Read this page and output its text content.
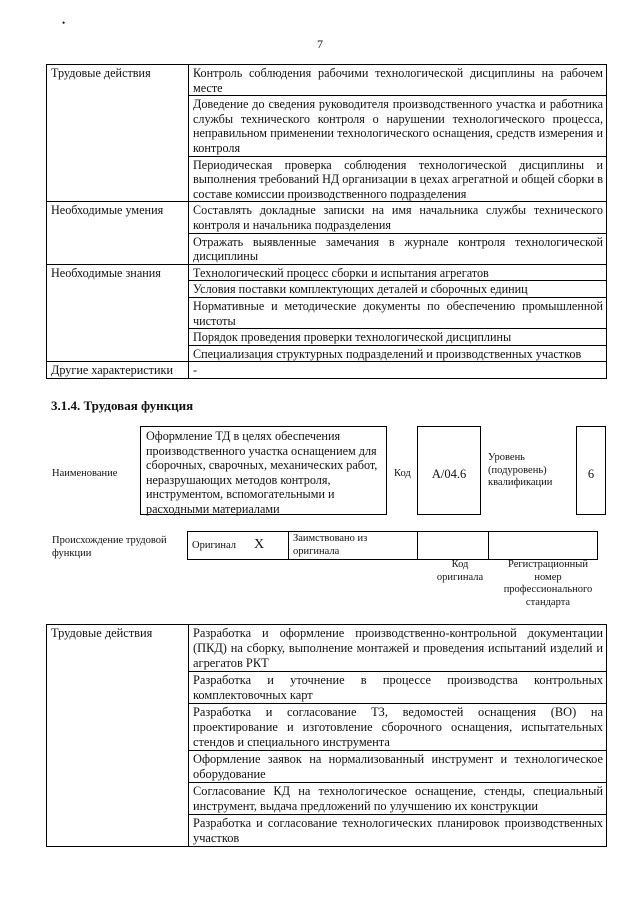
•
7
Трудовые действия	Контроль соблюдения рабочими технологической дисциплины на рабочем месте
	Доведение до сведения руководителя производственного участка и работника службы технического контроля о нарушении технологического процесса, неправильном применении технологического оснащения, средств измерения и контроля
	Периодическая проверка соблюдения технологической дисциплины и выполнения требований НД организации в цехах агрегатной и общей сборки в составе комиссии производственного подразделения
Необходимые умения	Составлять докладные записки на имя начальника службы технического контроля и начальника подразделения
	Отражать выявленные замечания в журнале контроля технологической дисциплины
Необходимые знания	Технологический процесс сборки и испытания агрегатов
	Условия поставки комплектующих деталей и сборочных единиц
	Нормативные и методические документы по обеспечению промышленной чистоты
	Порядок проведения проверки технологической дисциплины
	Специализация структурных подразделений и производственных участков
Другие характеристики	-
3.1.4. Трудовая функция
Наименование
Оформление ТД в целях обеспечения производственного участка оснащением для сборочных, сварочных, механических работ, неразрушающих методов контроля, инструментом, вспомогательными и расходными материалами
Код	A/04.6
Уровень (подуровень) квалификации
6
Происхождение трудовой функции
Оригинал X	Заимствовано из оригинала		
Код оригинала
Регистрационный номер профессионального стандарта
Трудовые действия	Разработка и оформление производственно-контрольной документации (ПКД) на сборку, выполнение монтажей и проведения испытаний изделий и агрегатов РКТ
Разработка и уточнение в процессе производства контрольных комплектовочных карт
Разработка и согласование ТЗ, ведомостей оснащения (ВО) на проектирование и изготовление сборочного оснащения, испытательных стендов и специального инструмента
Оформление заявок на нормализованный инструмент и технологическое оборудование
Согласование КД на технологическое оснащение, стенды, специальный инструмент, выдача предложений по улучшению их конструкции
Разработка и согласование технологических планировок производственных участков
